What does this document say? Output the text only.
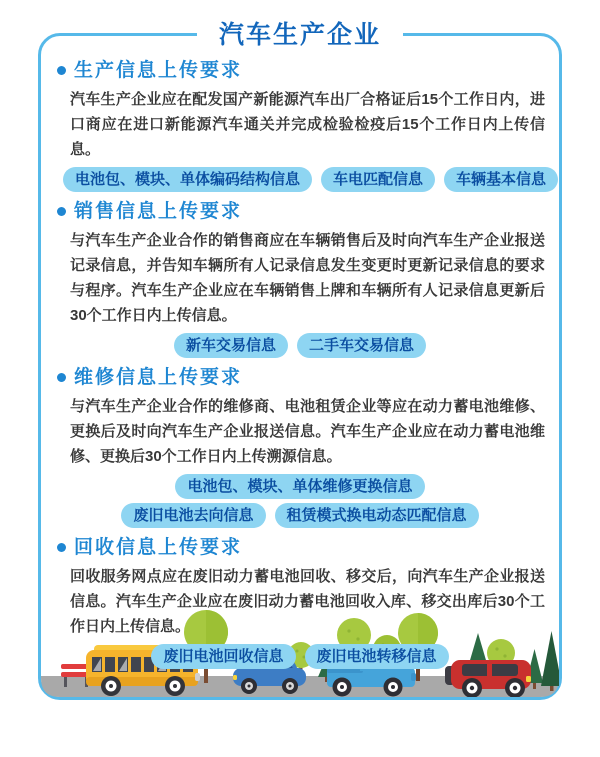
汽车生产企业
生产信息上传要求

汽车生产企业应在配发国产新能源汽车出厂合格证后15个工作日内，进口商应在进口新能源汽车通关并完成检验检疫后15个工作日内上传信息。

电池包、模块、单体编码结构信息	车电匹配信息	车辆基本信息
销售信息上传要求

与汽车生产企业合作的销售商应在车辆销售后及时向汽车生产企业报送记录信息，并告知车辆所有人记录信息发生变更时更新记录信息的要求与程序。汽车生产企业应在车辆销售上牌和车辆所有人记录信息更新后30个工作日内上传信息。

新车交易信息	二手车交易信息
维修信息上传要求

与汽车生产企业合作的维修商、电池租赁企业等应在动力蓄电池维修、更换后及时向汽车生产企业报送信息。汽车生产企业应在动力蓄电池维修、更换后30个工作日内上传溯源信息。

电池包、模块、单体维修更换信息
废旧电池去向信息	租赁模式换电动态匹配信息
回收信息上传要求

回收服务网点应在废旧动力蓄电池回收、移交后，向汽车生产企业报送信息。汽车生产企业应在废旧动力蓄电池回收入库、移交出库后30个工作日内上传信息。

废旧电池回收信息	废旧电池转移信息
